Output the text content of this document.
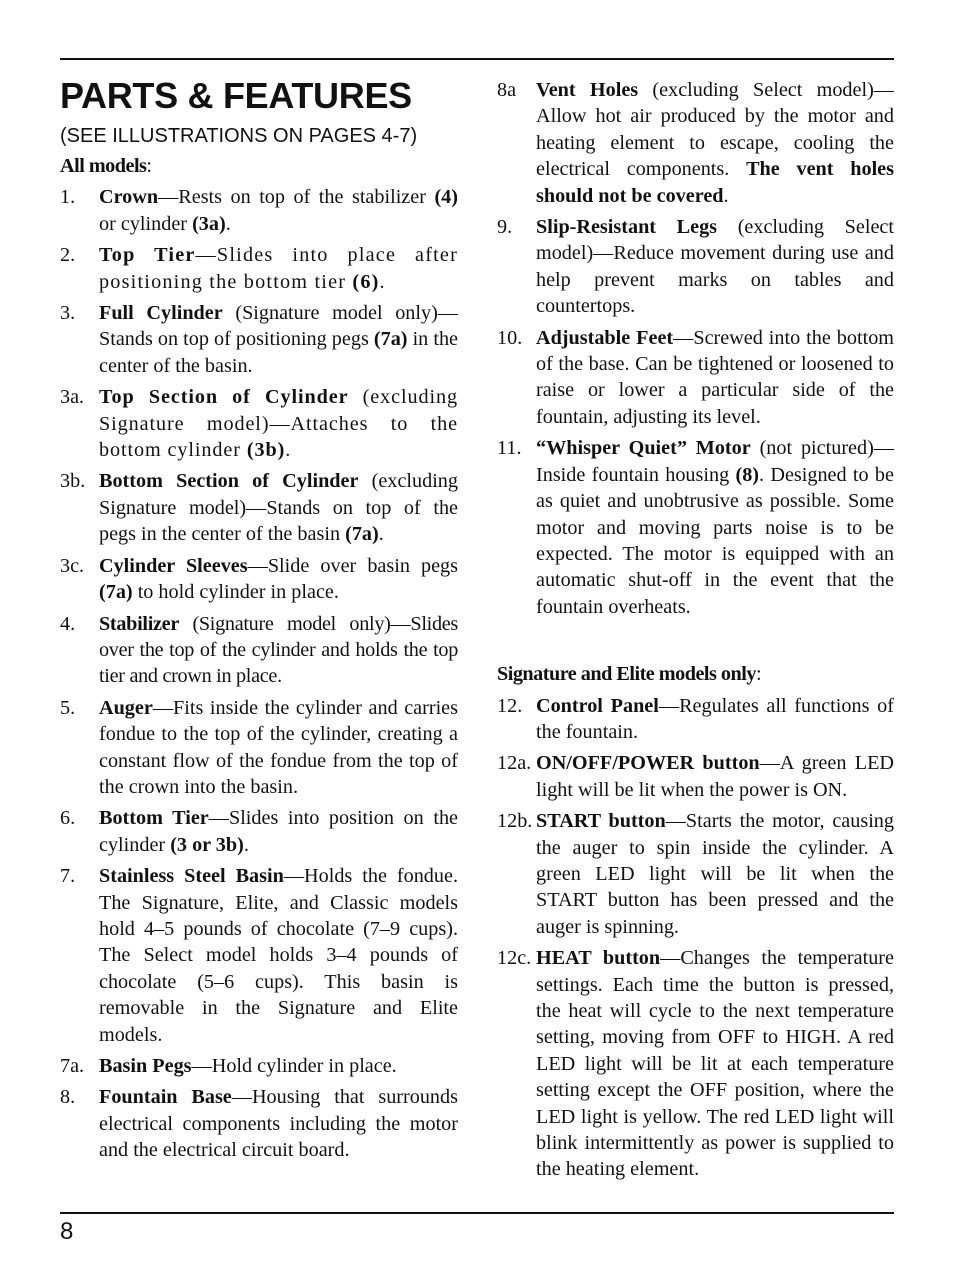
PARTS & FEATURES
(SEE ILLUSTRATIONS ON PAGES 4-7)
All models:
1. Crown—Rests on top of the stabilizer (4) or cylinder (3a).
2. Top Tier—Slides into place after positioning the bottom tier (6).
3. Full Cylinder (Signature model only)—Stands on top of positioning pegs (7a) in the center of the basin.
3a. Top Section of Cylinder (excluding Signature model)—Attaches to the bottom cylinder (3b).
3b. Bottom Section of Cylinder (excluding Signature model)—Stands on top of the pegs in the center of the basin (7a).
3c. Cylinder Sleeves—Slide over basin pegs (7a) to hold cylinder in place.
4. Stabilizer (Signature model only)—Slides over the top of the cylinder and holds the top tier and crown in place.
5. Auger—Fits inside the cylinder and carries fondue to the top of the cylinder, creating a constant flow of the fondue from the top of the crown into the basin.
6. Bottom Tier—Slides into position on the cylinder (3 or 3b).
7. Stainless Steel Basin—Holds the fondue. The Signature, Elite, and Classic models hold 4–5 pounds of chocolate (7–9 cups). The Select model holds 3–4 pounds of chocolate (5–6 cups). This basin is removable in the Signature and Elite models.
7a. Basin Pegs—Hold cylinder in place.
8. Fountain Base—Housing that surrounds electrical components including the motor and the electrical circuit board.
8a Vent Holes (excluding Select model)—Allow hot air produced by the motor and heating element to escape, cooling the electrical components. The vent holes should not be covered.
9. Slip-Resistant Legs (excluding Select model)—Reduce movement during use and help prevent marks on tables and countertops.
10. Adjustable Feet—Screwed into the bottom of the base. Can be tightened or loosened to raise or lower a particular side of the fountain, adjusting its level.
11. “Whisper Quiet” Motor (not pictured)—Inside fountain housing (8). Designed to be as quiet and unobtrusive as possible. Some motor and moving parts noise is to be expected. The motor is equipped with an automatic shut-off in the event that the fountain overheats.
Signature and Elite models only:
12. Control Panel—Regulates all functions of the fountain.
12a. ON/OFF/POWER button—A green LED light will be lit when the power is ON.
12b. START button—Starts the motor, causing the auger to spin inside the cylinder. A green LED light will be lit when the START button has been pressed and the auger is spinning.
12c. HEAT button—Changes the temperature settings. Each time the button is pressed, the heat will cycle to the next temperature setting, moving from OFF to HIGH. A red LED light will be lit at each temperature setting except the OFF position, where the LED light is yellow. The red LED light will blink intermittently as power is supplied to the heating element.
8
